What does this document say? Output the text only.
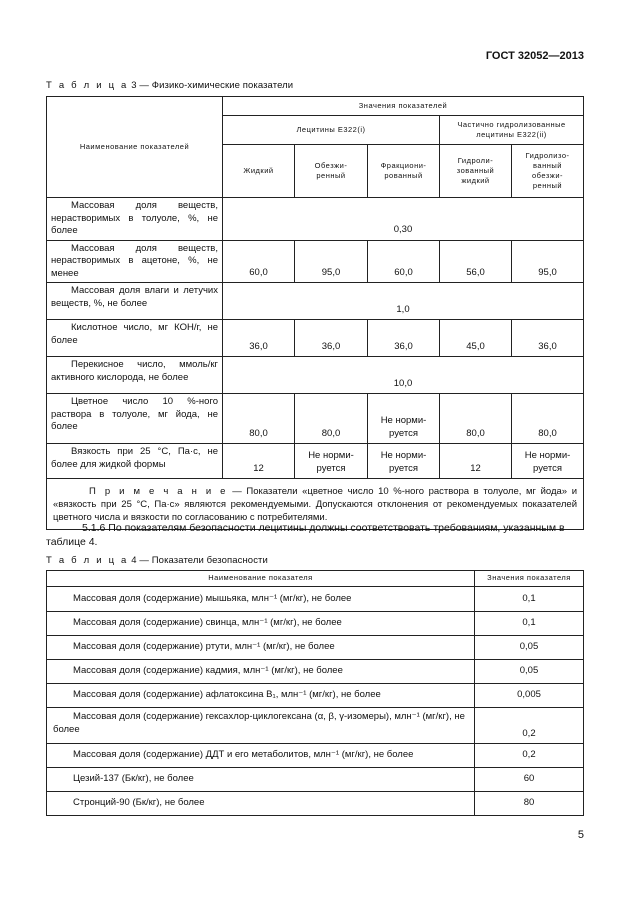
ГОСТ 32052—2013
Т а б л и ц а 3 — Физико-химические показатели
Наименование показателей	Значения показателей				
	Лецитины Е322(i)			Частично гидролизованные лецитины Е322(ii)	
	Жидкий	Обезжи-ренный	Фракциони-рованный	Гидроли-зованный жидкий	Гидролизо-ванный обезжи-ренный
Массовая доля веществ, нерастворимых в толуоле, %, не более	0,30				
Массовая доля веществ, нерастворимых в ацетоне, %, не менее	60,0	95,0	60,0	56,0	95,0
Массовая доля влаги и летучих веществ, %, не более	1,0				
Кислотное число, мг КОН/г, не более	36,0	36,0	36,0	45,0	36,0
Перекисное число, ммоль/кг активного кислорода, не более	10,0				
Цветное число 10 %-ного раствора в толуоле, мг йода, не более	80,0	80,0	Не норми-руется	80,0	80,0
Вязкость при 25 °С, Па·с, не более для жидкой формы	12	Не норми-руется	Не норми-руется	12	Не норми-руется
П р и м е ч а н и е — Показатели «цветное число 10 %-ного раствора в толуоле, мг йода» и «вязкость при 25 °С, Па·с» являются рекомендуемыми. Допускаются отклонения от рекомендуемых показателей цветного числа и вязкости по согласованию с потребителями.					
5.1.6 По показателям безопасности лецитины должны соответствовать требованиям, указанным в таблице 4.
Т а б л и ц а 4 — Показатели безопасности
Наименование показателя	Значения показателя
Массовая доля (содержание) мышьяка, млн⁻¹ (мг/кг), не более	0,1
Массовая доля (содержание) свинца, млн⁻¹ (мг/кг), не более	0,1
Массовая доля (содержание) ртути, млн⁻¹ (мг/кг), не более	0,05
Массовая доля (содержание) кадмия, млн⁻¹ (мг/кг), не более	0,05
Массовая доля (содержание) афлатоксина В₁, млн⁻¹ (мг/кг), не более	0,005
Массовая доля (содержание) гексахлор-циклогексана (α, β, γ-изомеры), млн⁻¹ (мг/кг), не более	0,2
Массовая доля (содержание) ДДТ и его метаболитов, млн⁻¹ (мг/кг), не более	0,2
Цезий-137 (Бк/кг), не более	60
Стронций-90 (Бк/кг), не более	80
5
